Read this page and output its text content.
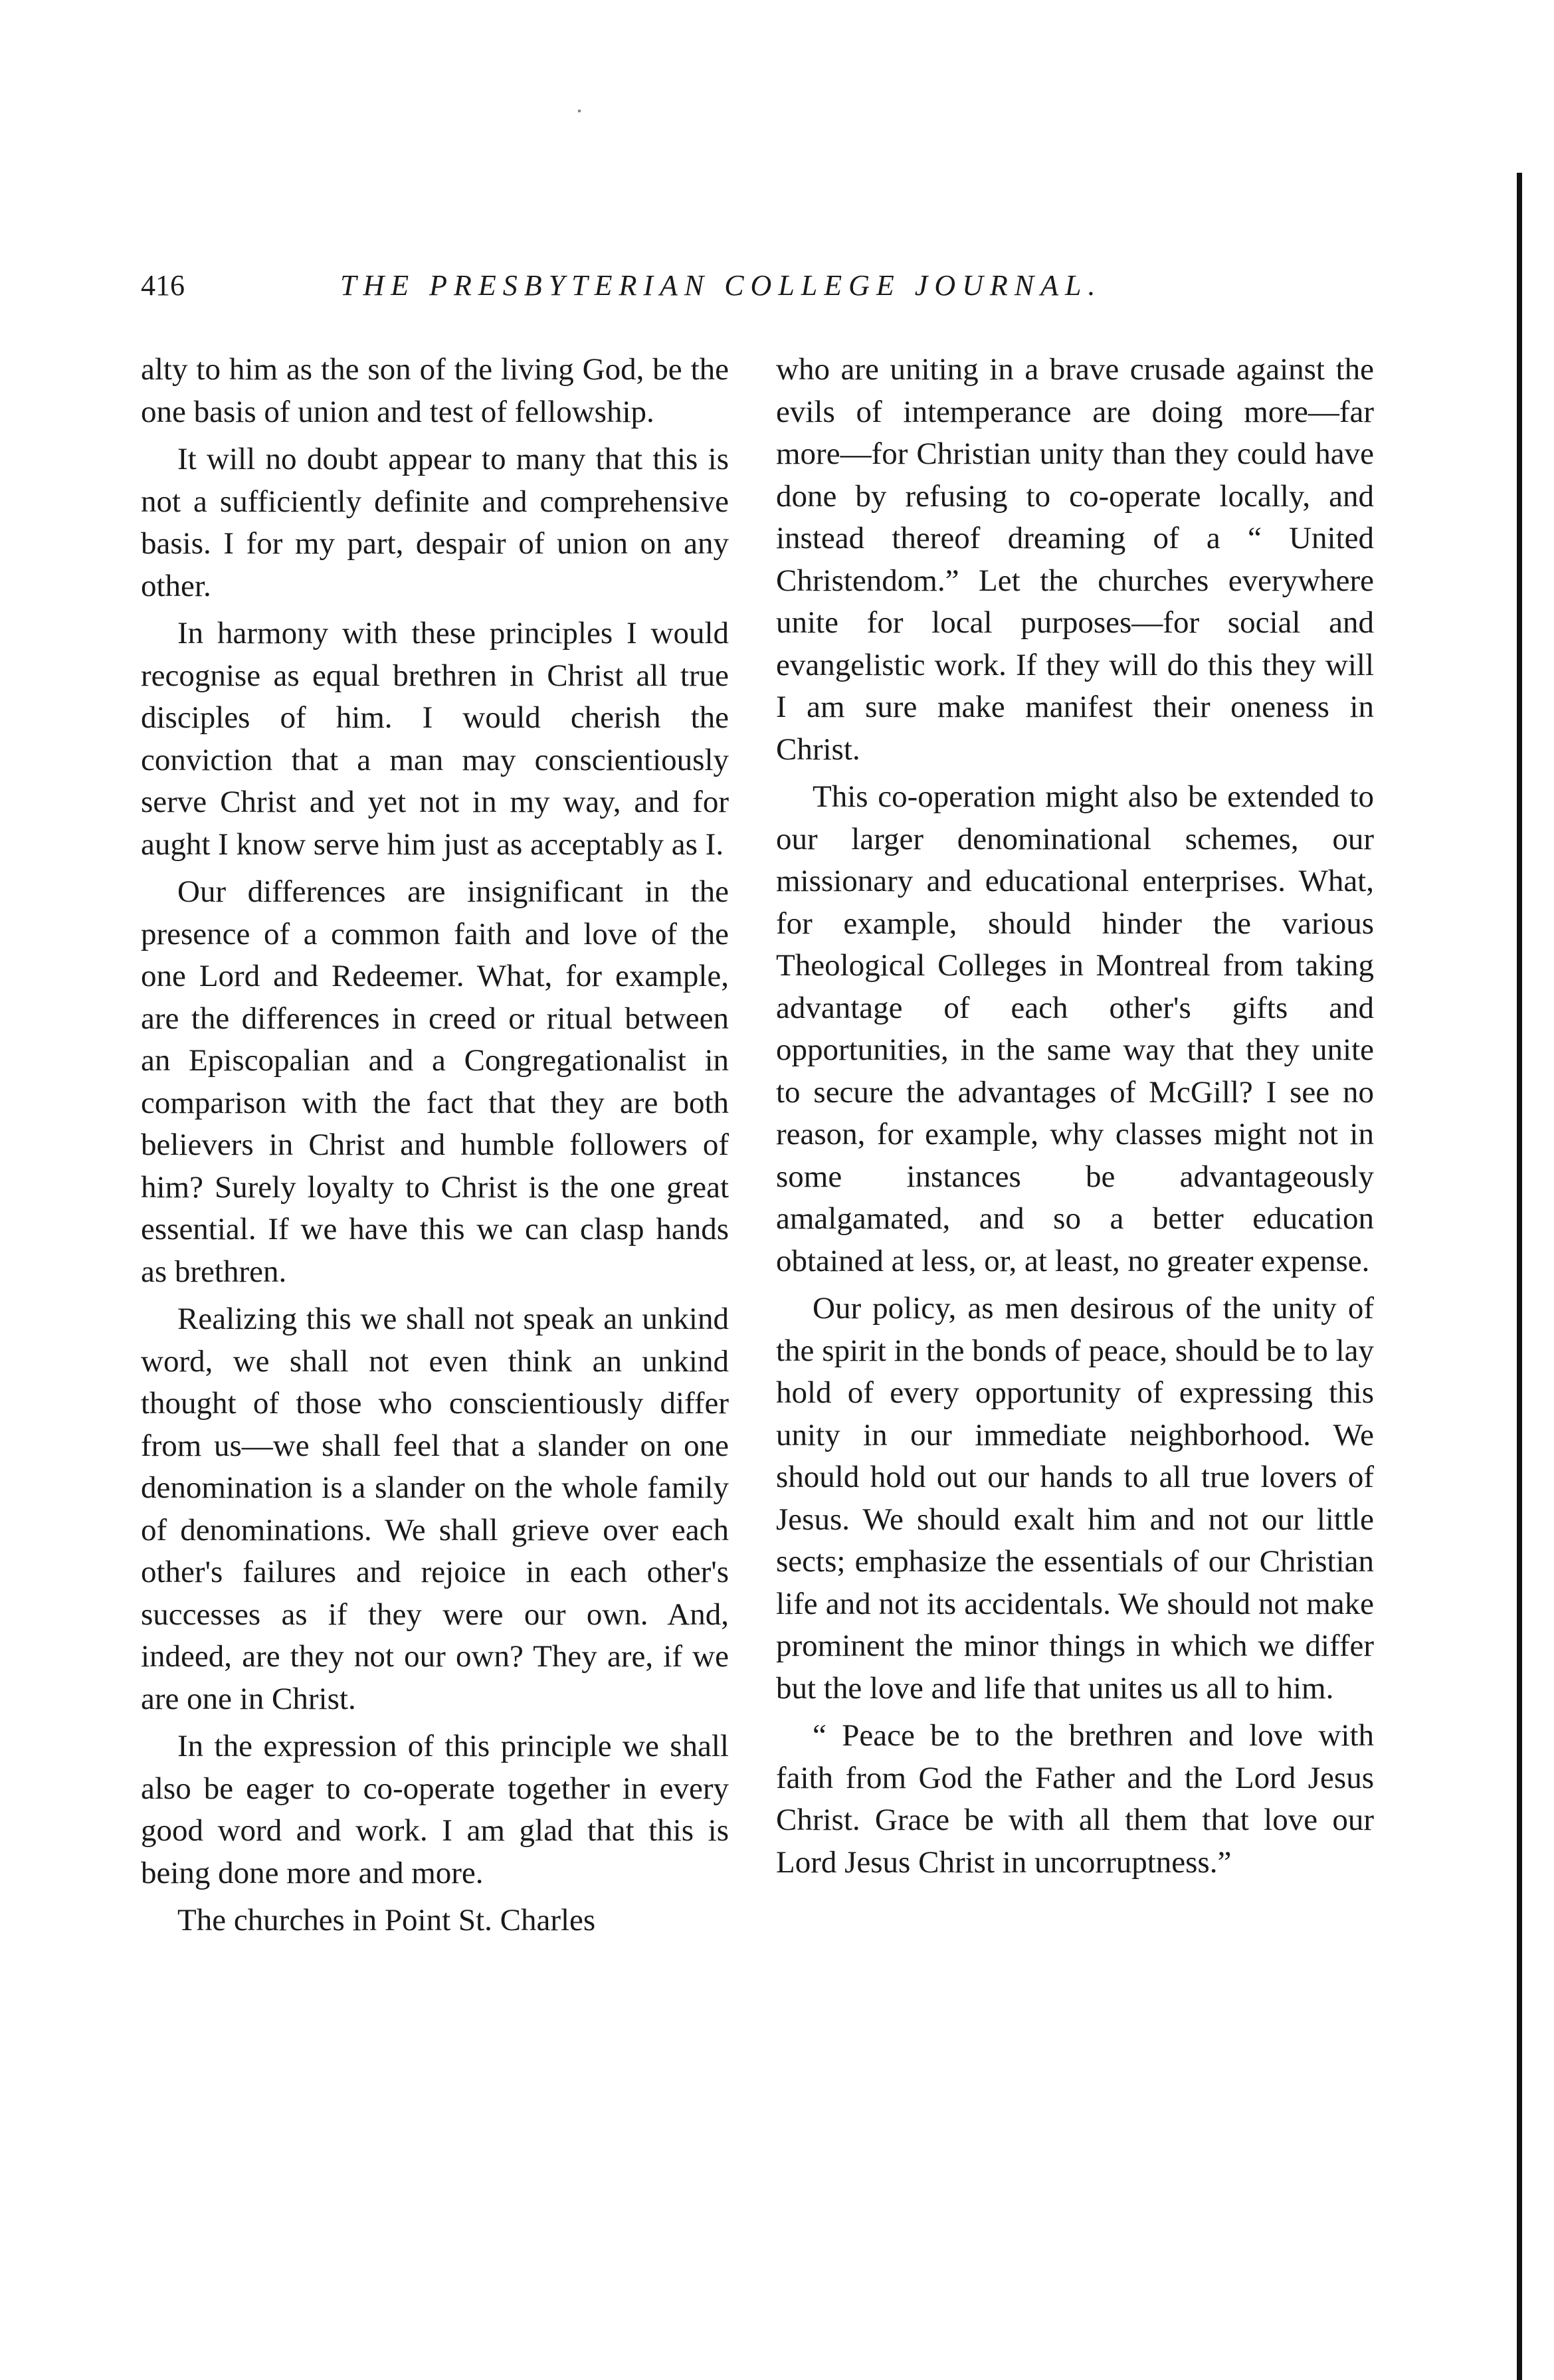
416	THE PRESBYTERIAN COLLEGE JOURNAL.

alty to him as the son of the living God, be the one basis of union and test of fellowship.

It will no doubt appear to many that this is not a sufficiently definite and comprehensive basis. I for my part, despair of union on any other.

In harmony with these principles I would recognise as equal brethren in Christ all true disciples of him. I would cherish the conviction that a man may conscientiously serve Christ and yet not in my way, and for aught I know serve him just as acceptably as I.

Our differences are insignificant in the presence of a common faith and love of the one Lord and Redeemer. What, for example, are the differences in creed or ritual between an Episcopalian and a Congregationalist in comparison with the fact that they are both believers in Christ and humble followers of him? Surely loyalty to Christ is the one great essential. If we have this we can clasp hands as brethren.

Realizing this we shall not speak an unkind word, we shall not even think an unkind thought of those who conscientiously differ from us—we shall feel that a slander on one denomination is a slander on the whole family of denominations. We shall grieve over each other's failures and rejoice in each other's successes as if they were our own. And, indeed, are they not our own? They are, if we are one in Christ.

In the expression of this principle we shall also be eager to co-operate together in every good word and work. I am glad that this is being done more and more.

The churches in Point St. Charles

who are uniting in a brave crusade against the evils of intemperance are doing more—far more—for Christian unity than they could have done by refusing to co-operate locally, and instead thereof dreaming of a “ United Christendom.” Let the churches everywhere unite for local purposes—for social and evangelistic work. If they will do this they will I am sure make manifest their oneness in Christ.

This co-operation might also be extended to our larger denominational schemes, our missionary and educational enterprises. What, for example, should hinder the various Theological Colleges in Montreal from taking advantage of each other's gifts and opportunities, in the same way that they unite to secure the advantages of McGill? I see no reason, for example, why classes might not in some instances be advantageously amalgamated, and so a better education obtained at less, or, at least, no greater expense.

Our policy, as men desirous of the unity of the spirit in the bonds of peace, should be to lay hold of every opportunity of expressing this unity in our immediate neighborhood. We should hold out our hands to all true lovers of Jesus. We should exalt him and not our little sects; emphasize the essentials of our Christian life and not its accidentals. We should not make prominent the minor things in which we differ but the love and life that unites us all to him.

“ Peace be to the brethren and love with faith from God the Father and the Lord Jesus Christ. Grace be with all them that love our Lord Jesus Christ in uncorruptness.”
